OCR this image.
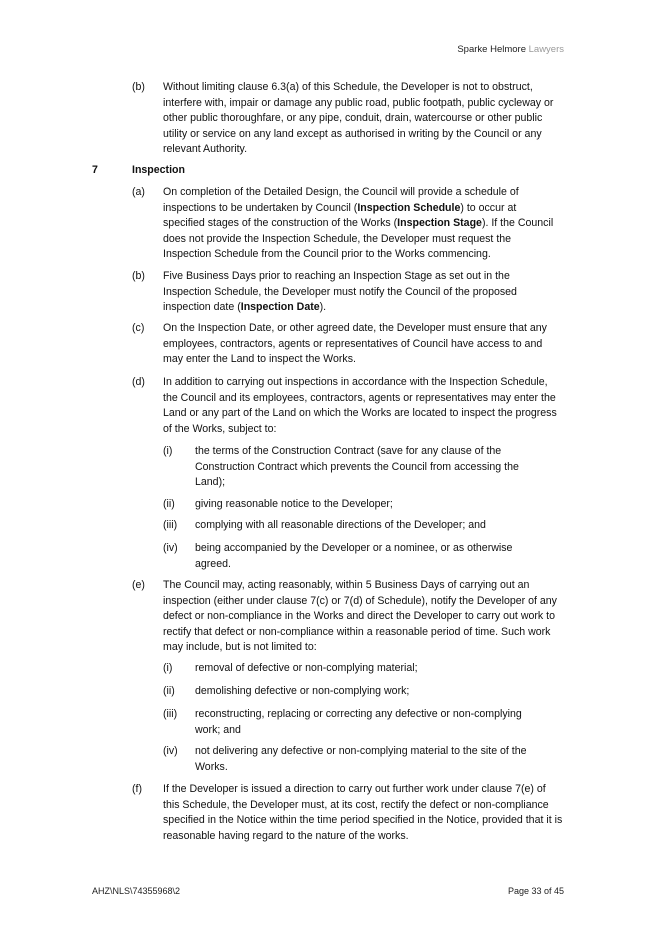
Sparke Helmore Lawyers
(b) Without limiting clause 6.3(a) of this Schedule, the Developer is not to obstruct, interfere with, impair or damage any public road, public footpath, public cycleway or other public thoroughfare, or any pipe, conduit, drain, watercourse or other public utility or service on any land except as authorised in writing by the Council or any relevant Authority.
7	Inspection
(a) On completion of the Detailed Design, the Council will provide a schedule of inspections to be undertaken by Council (Inspection Schedule) to occur at specified stages of the construction of the Works (Inspection Stage). If the Council does not provide the Inspection Schedule, the Developer must request the Inspection Schedule from the Council prior to the Works commencing.
(b) Five Business Days prior to reaching an Inspection Stage as set out in the Inspection Schedule, the Developer must notify the Council of the proposed inspection date (Inspection Date).
(c) On the Inspection Date, or other agreed date, the Developer must ensure that any employees, contractors, agents or representatives of Council have access to and may enter the Land to inspect the Works.
(d) In addition to carrying out inspections in accordance with the Inspection Schedule, the Council and its employees, contractors, agents or representatives may enter the Land or any part of the Land on which the Works are located to inspect the progress of the Works, subject to:
(i) the terms of the Construction Contract (save for any clause of the Construction Contract which prevents the Council from accessing the Land);
(ii) giving reasonable notice to the Developer;
(iii) complying with all reasonable directions of the Developer; and
(iv) being accompanied by the Developer or a nominee, or as otherwise agreed.
(e) The Council may, acting reasonably, within 5 Business Days of carrying out an inspection (either under clause 7(c) or 7(d) of Schedule), notify the Developer of any defect or non-compliance in the Works and direct the Developer to carry out work to rectify that defect or non-compliance within a reasonable period of time. Such work may include, but is not limited to:
(i) removal of defective or non-complying material;
(ii) demolishing defective or non-complying work;
(iii) reconstructing, replacing or correcting any defective or non-complying work; and
(iv) not delivering any defective or non-complying material to the site of the Works.
(f) If the Developer is issued a direction to carry out further work under clause 7(e) of this Schedule, the Developer must, at its cost, rectify the defect or non-compliance specified in the Notice within the time period specified in the Notice, provided that it is reasonable having regard to the nature of the works.
AHZ\NLS\74355968\2	Page 33 of 45
